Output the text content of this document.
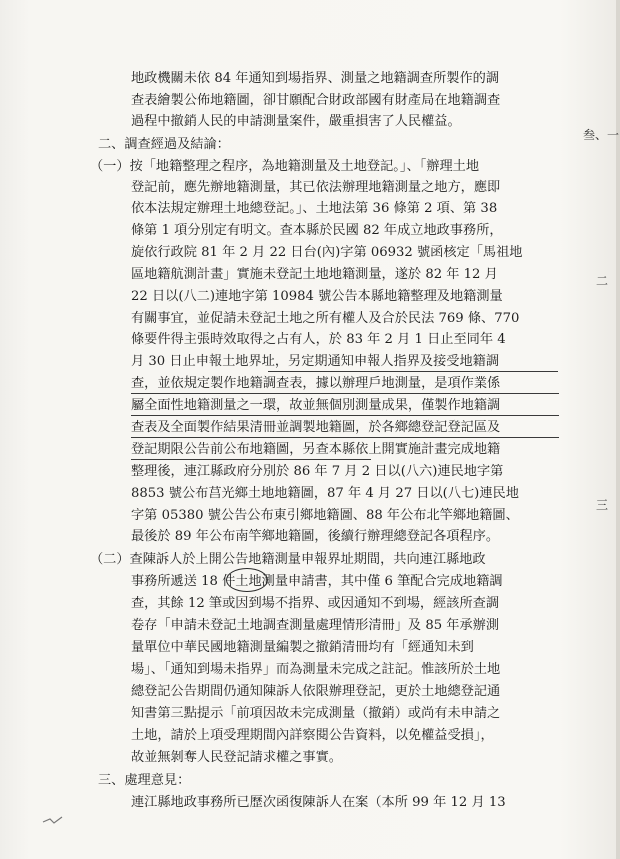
地政機關未依 84 年通知到場指界、測量之地籍調查所製作的調
查表繪製公佈地籍圖，卻甘願配合財政部國有財產局在地籍調查
過程中撤銷人民的申請測量案件，嚴重損害了人民權益。
二、調查經過及結論：
（一）按「地籍整理之程序，為地籍測量及土地登記。」、「辦理土地
登記前，應先辦地籍測量，其已依法辦理地籍測量之地方，應即
依本法規定辦理土地總登記。」、土地法第 36 條第 2 項、第 38
條第 1 項分別定有明文。查本縣於民國 82 年成立地政事務所，
旋依行政院 81 年 2 月 22 日台(內)字第 06932 號函核定「馬祖地
區地籍航測計畫」實施未登記土地地籍測量，遂於 82 年 12 月
22 日以(八二)連地字第 10984 號公告本縣地籍整理及地籍測量
有關事宜，並促請未登記土地之所有權人及合於民法 769 條、770
條要件得主張時效取得之占有人，於 83 年 2 月 1 日止至同年 4
月 30 日止申報土地界址，另定期通知申報人指界及接受地籍調
查，並依規定製作地籍調查表，據以辦理戶地測量，是項作業係
屬全面性地籍測量之一環，故並無個別測量成果，僅製作地籍調
查表及全面製作結果清冊並調製地籍圖，於各鄉總登記登記區及
登記期限公告前公布地籍圖，另查本縣依上開實施計畫完成地籍
整理後，連江縣政府分別於 86 年 7 月 2 日以(八六)連民地字第
8853 號公布莒光鄉土地地籍圖，87 年 4 月 27 日以(八七)連民地
字第 05380 號公告公布東引鄉地籍圖、88 年公布北竿鄉地籍圖、
最後於 89 年公布南竿鄉地籍圖，後續行辦理總登記各項程序。
（二）查陳訴人於上開公告地籍測量申報界址期間，共向連江縣地政
事務所遞送 18 件土地測量申請書，其中僅 6 筆配合完成地籍調
查，其餘 12 筆或因到場不指界、或因通知不到場，經該所查調
卷存「申請未登記土地調查測量處理情形清冊」及 85 年承辦測
量單位中華民國地籍測量編製之撤銷清冊均有「經通知未到
場」、「通知到場未指界」而為測量未完成之註記。惟該所於土地
總登記公告期間仍通知陳訴人依限辦理登記，更於土地總登記通
知書第三點提示「前項因故未完成測量（撤銷）或尚有未申請之
土地，請於上項受理期間內詳察閱公告資料，以免權益受損」，
故並無剝奪人民登記請求權之事實。
三、處理意見：
連江縣地政事務所已歷次函復陳訴人在案（本所 99 年 12 月 13
叁、一
二
三
